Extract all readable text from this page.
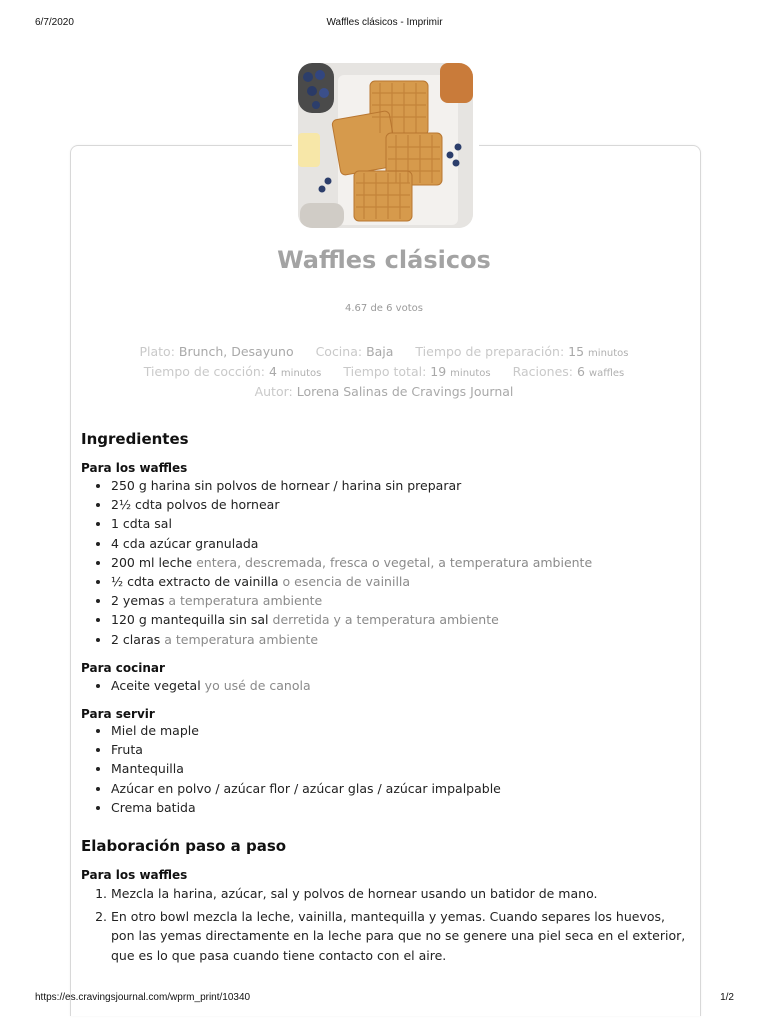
6/7/2020	Waffles clásicos - Imprimir
Waffles clásicos
4.67 de 6 votos
Plato: Brunch, Desayuno Cocina: Baja Tiempo de preparación: 15 minutos
Tiempo de cocción: 4 minutos Tiempo total: 19 minutos Raciones: 6 waffles
Autor: Lorena Salinas de Cravings Journal
Ingredientes
Para los waffles
• 250 g harina sin polvos de hornear / harina sin preparar
• 2½ cdta polvos de hornear
• 1 cdta sal
• 4 cda azúcar granulada
• 200 ml leche entera, descremada, fresca o vegetal, a temperatura ambiente
• ½ cdta extracto de vainilla o esencia de vainilla
• 2 yemas a temperatura ambiente
• 120 g mantequilla sin sal derretida y a temperatura ambiente
• 2 claras a temperatura ambiente
Para cocinar
• Aceite vegetal yo usé de canola
Para servir
• Miel de maple
• Fruta
• Mantequilla
• Azúcar en polvo / azúcar flor / azúcar glas / azúcar impalpable
• Crema batida
Elaboración paso a paso
Para los waffles
1. Mezcla la harina, azúcar, sal y polvos de hornear usando un batidor de mano.
2. En otro bowl mezcla la leche, vainilla, mantequilla y yemas. Cuando separes los huevos, pon las yemas directamente en la leche para que no se genere una piel seca en el exterior, que es lo que pasa cuando tiene contacto con el aire.
https://es.cravingsjournal.com/wprm_print/10340	1/2
